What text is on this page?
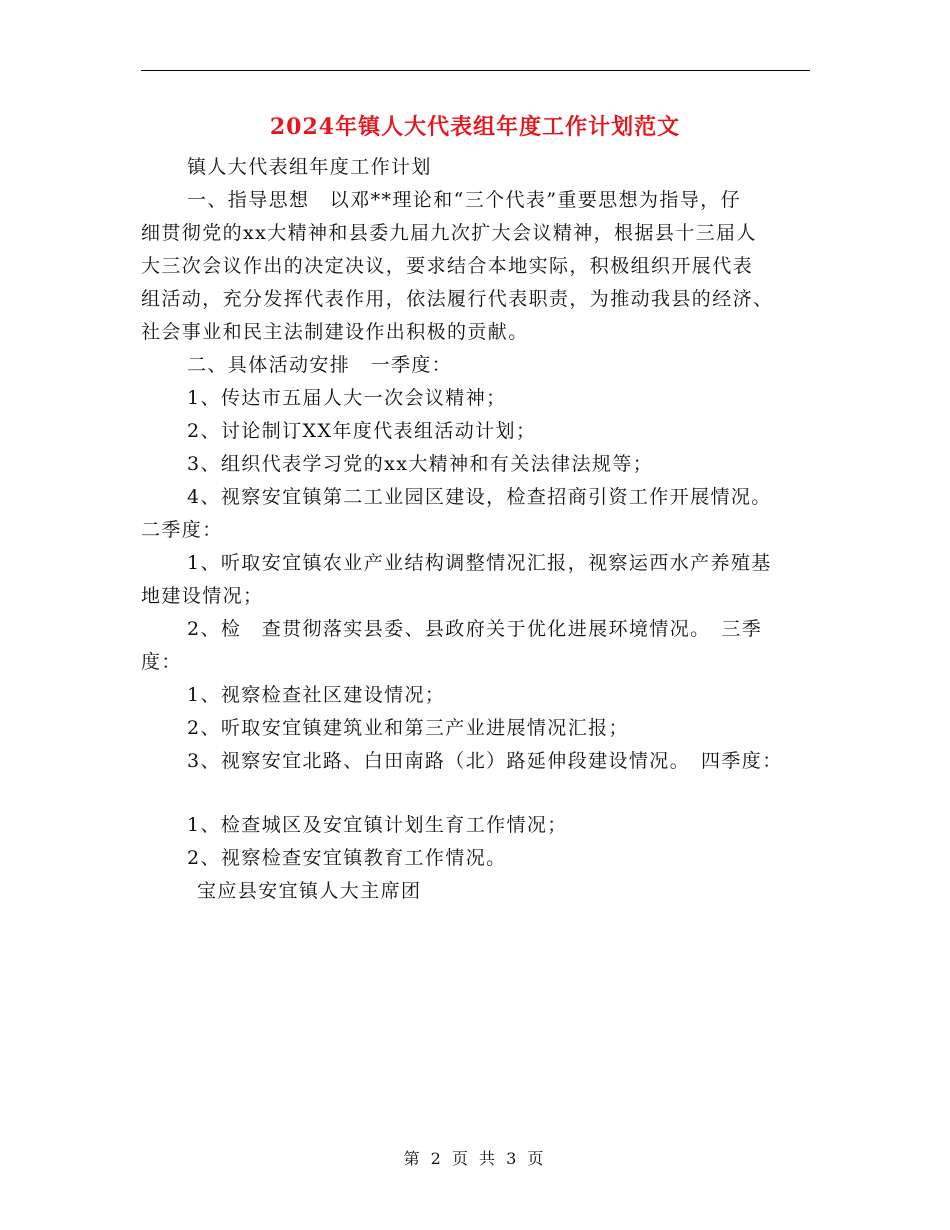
2024年镇人大代表组年度工作计划范文
镇人大代表组年度工作计划
一、指导思想　以邓**理论和“三个代表”重要思想为指导，仔
细贯彻党的xx大精神和县委九届九次扩大会议精神，根据县十三届人
大三次会议作出的决定决议，要求结合本地实际，积极组织开展代表
组活动，充分发挥代表作用，依法履行代表职责，为推动我县的经济、
社会事业和民主法制建设作出积极的贡献。
二、具体活动安排　一季度：
1、传达市五届人大一次会议精神；
2、讨论制订XX年度代表组活动计划；
3、组织代表学习党的xx大精神和有关法律法规等；
4、视察安宜镇第二工业园区建设，检查招商引资工作开展情况。
二季度：
1、听取安宜镇农业产业结构调整情况汇报，视察运西水产养殖基
地建设情况；
2、检　查贯彻落实县委、县政府关于优化进展环境情况。　三季
度：
1、视察检查社区建设情况；
2、听取安宜镇建筑业和第三产业进展情况汇报；
3、视察安宜北路、白田南路（北）路延伸段建设情况。　四季度：
1、检查城区及安宜镇计划生育工作情况；
2、视察检查安宜镇教育工作情况。
宝应县安宜镇人大主席团
第 2 页 共 3 页
